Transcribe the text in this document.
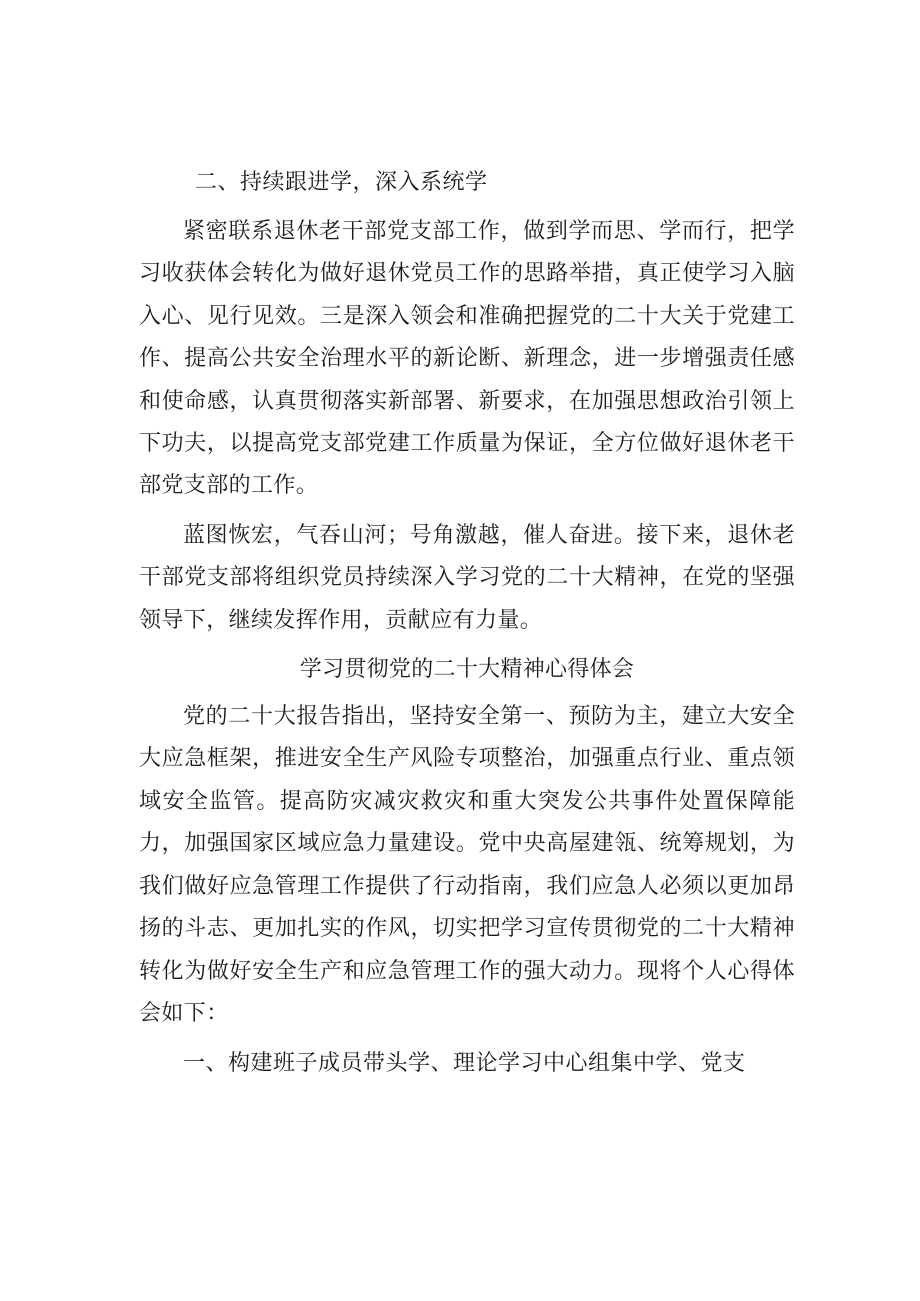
二、持续跟进学，深入系统学

紧密联系退休老干部党支部工作，做到学而思、学而行，把学习收获体会转化为做好退休党员工作的思路举措，真正使学习入脑入心、见行见效。三是深入领会和准确把握党的二十大关于党建工作、提高公共安全治理水平的新论断、新理念，进一步增强责任感和使命感，认真贯彻落实新部署、新要求，在加强思想政治引领上下功夫，以提高党支部党建工作质量为保证，全方位做好退休老干部党支部的工作。

蓝图恢宏，气吞山河；号角激越，催人奋进。接下来，退休老干部党支部将组织党员持续深入学习党的二十大精神，在党的坚强领导下，继续发挥作用，贡献应有力量。

学习贯彻党的二十大精神心得体会

党的二十大报告指出，坚持安全第一、预防为主，建立大安全大应急框架，推进安全生产风险专项整治，加强重点行业、重点领域安全监管。提高防灾减灾救灾和重大突发公共事件处置保障能力，加强国家区域应急力量建设。党中央高屋建瓴、统筹规划，为我们做好应急管理工作提供了行动指南，我们应急人必须以更加昂扬的斗志、更加扎实的作风，切实把学习宣传贯彻党的二十大精神转化为做好安全生产和应急管理工作的强大动力。现将个人心得体会如下：

一、构建班子成员带头学、理论学习中心组集中学、党支
